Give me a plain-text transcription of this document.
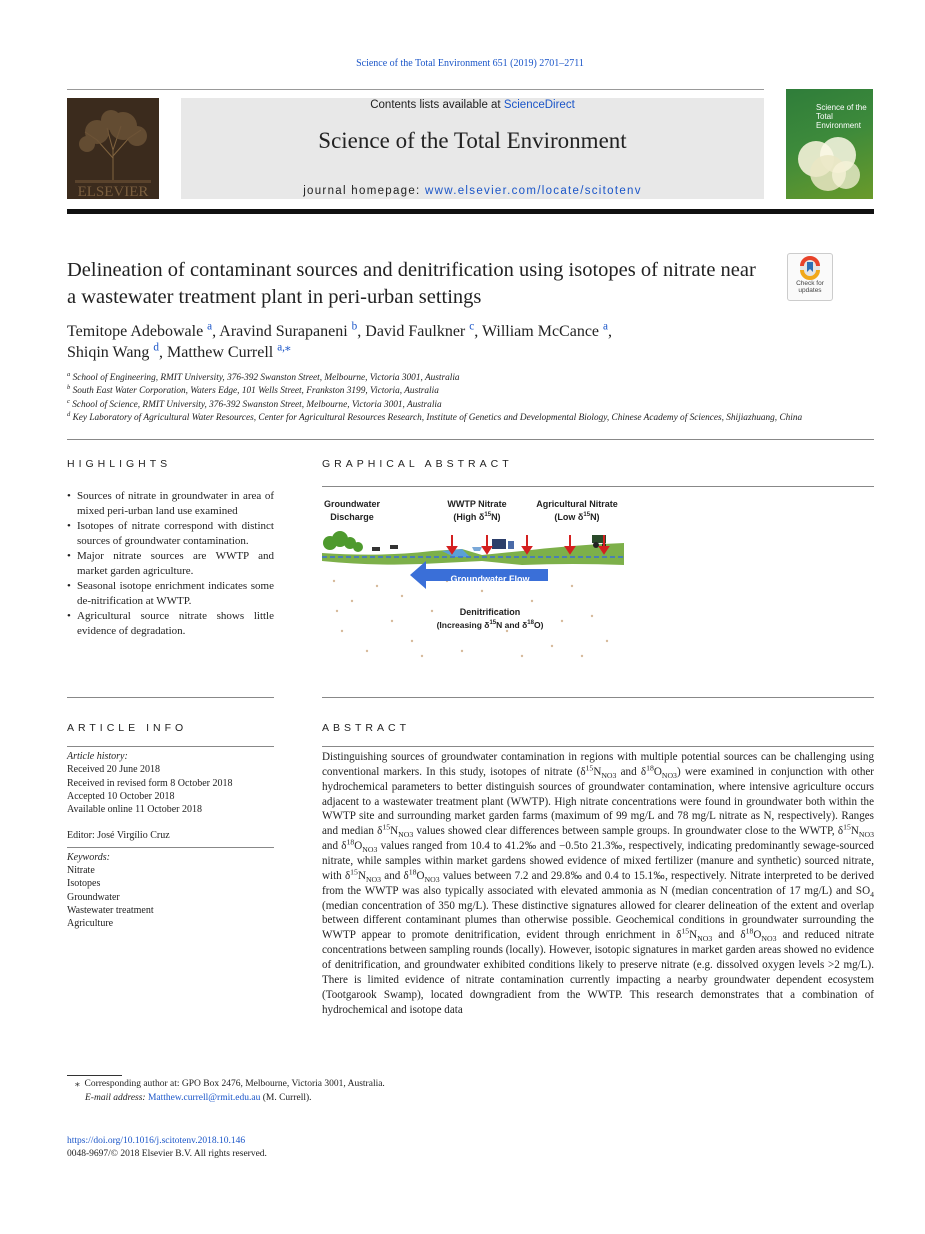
Science of the Total Environment 651 (2019) 2701–2711
ELSEVIER
Contents lists available at ScienceDirect
Science of the Total Environment
journal homepage: www.elsevier.com/locate/scitotenv
Science of the Total Environment
Delineation of contaminant sources and denitrification using isotopes of nitrate near a wastewater treatment plant in peri-urban settings
Check for updates
Temitope Adebowale $^a$, Aravind Surapaneni $^b$, David Faulkner $^c$, William McCance $^a$,
Shiqin Wang $^d$, Matthew Currell $^{a,⁎}$
$^a$ School of Engineering, RMIT University, 376-392 Swanston Street, Melbourne, Victoria 3001, Australia
$^b$ South East Water Corporation, Waters Edge, 101 Wells Street, Frankston 3199, Victoria, Australia
$^c$ School of Science, RMIT University, 376-392 Swanston Street, Melbourne, Victoria 3001, Australia
$^d$ Key Laboratory of Agricultural Water Resources, Center for Agricultural Resources Research, Institute of Genetics and Developmental Biology, Chinese Academy of Sciences, Shijiazhuang, China
HIGHLIGHTS

• Sources of nitrate in groundwater in area of mixed peri-urban land use examined

• Isotopes of nitrate correspond with distinct sources of groundwater contamination.

• Major nitrate sources are WWTP and market garden agriculture.

• Seasonal isotope enrichment indicates some de-nitrification at WWTP.

• Agricultural source nitrate shows little evidence of degradation.

GRAPHICAL ABSTRACT
Groundwater
Discharge
WWTP Nitrate
(High $\delta^{15}N$)
Agricultural Nitrate
(Low $\delta^{15}N$)
Groundwater Flow
Denitrification
(Increasing $\delta^{15}N$ and $\delta^{18}O$)
ARTICLE INFO

Article history:

Received 20 June 2018

Received in revised form 8 October 2018

Accepted 10 October 2018

Available online 11 October 2018

Editor: José Virgílio Cruz

Keywords:

Nitrate

Isotopes

Groundwater

Wastewater treatment

Agriculture

ABSTRACT
Distinguishing sources of groundwater contamination in regions with multiple potential sources can be challenging using conventional markers. In this study, isotopes of nitrate ($\delta^{15}N_{NO3}$ and $\delta^{18}O_{NO3}$) were examined in conjunction with other hydrochemical parameters to better distinguish sources of groundwater contamination, where intensive agriculture occurs adjacent to a wastewater treatment plant (WWTP). High nitrate concentrations were found in groundwater both within the WWTP site and surrounding market garden farms (maximum of 99 mg/L and 78 mg/L nitrate as N, respectively). Ranges and median $\delta^{15}N_{NO3}$ values showed clear differences between sample groups. In groundwater close to the WWTP, $\delta^{15}N_{NO3}$ and $\delta^{18}O_{NO3}$ values ranged from 10.4 to 41.2‰ and −0.5to 21.3‰, respectively, indicating predominantly sewage-sourced nitrate, while samples within market gardens showed evidence of mixed fertilizer (manure and synthetic) sourced nitrate, with $\delta^{15}N_{NO3}$ and $\delta^{18}O_{NO3}$ values between 7.2 and 29.8‰ and 0.4 to 15.1‰, respectively. Nitrate interpreted to be derived from the WWTP was also typically associated with elevated ammonia as N (median concentration of 17 mg/L) and $SO_4$ (median concentration of 350 mg/L). These distinctive signatures allowed for clearer delineation of the extent and overlap between different contaminant plumes than otherwise possible. Geochemical conditions in groundwater surrounding the WWTP appear to promote denitrification, evident through enrichment in $\delta^{15}N_{NO3}$ and $\delta^{18}O_{NO3}$ and reduced nitrate concentrations between sampling rounds (locally). However, isotopic signatures in market garden areas showed no evidence of denitrification, and groundwater exhibited conditions likely to preserve nitrate (e.g. dissolved oxygen levels >2 mg/L). There is limited evidence of nitrate contamination currently impacting a nearby groundwater dependent ecosystem (Tootgarook Swamp), located downgradient from the WWTP. This research demonstrates that a combination of hydrochemical and isotope data
⁎ Corresponding author at: GPO Box 2476, Melbourne, Victoria 3001, Australia.
E-mail address: Matthew.currell@rmit.edu.au (M. Currell).
https://doi.org/10.1016/j.scitotenv.2018.10.146
0048-9697/© 2018 Elsevier B.V. All rights reserved.
